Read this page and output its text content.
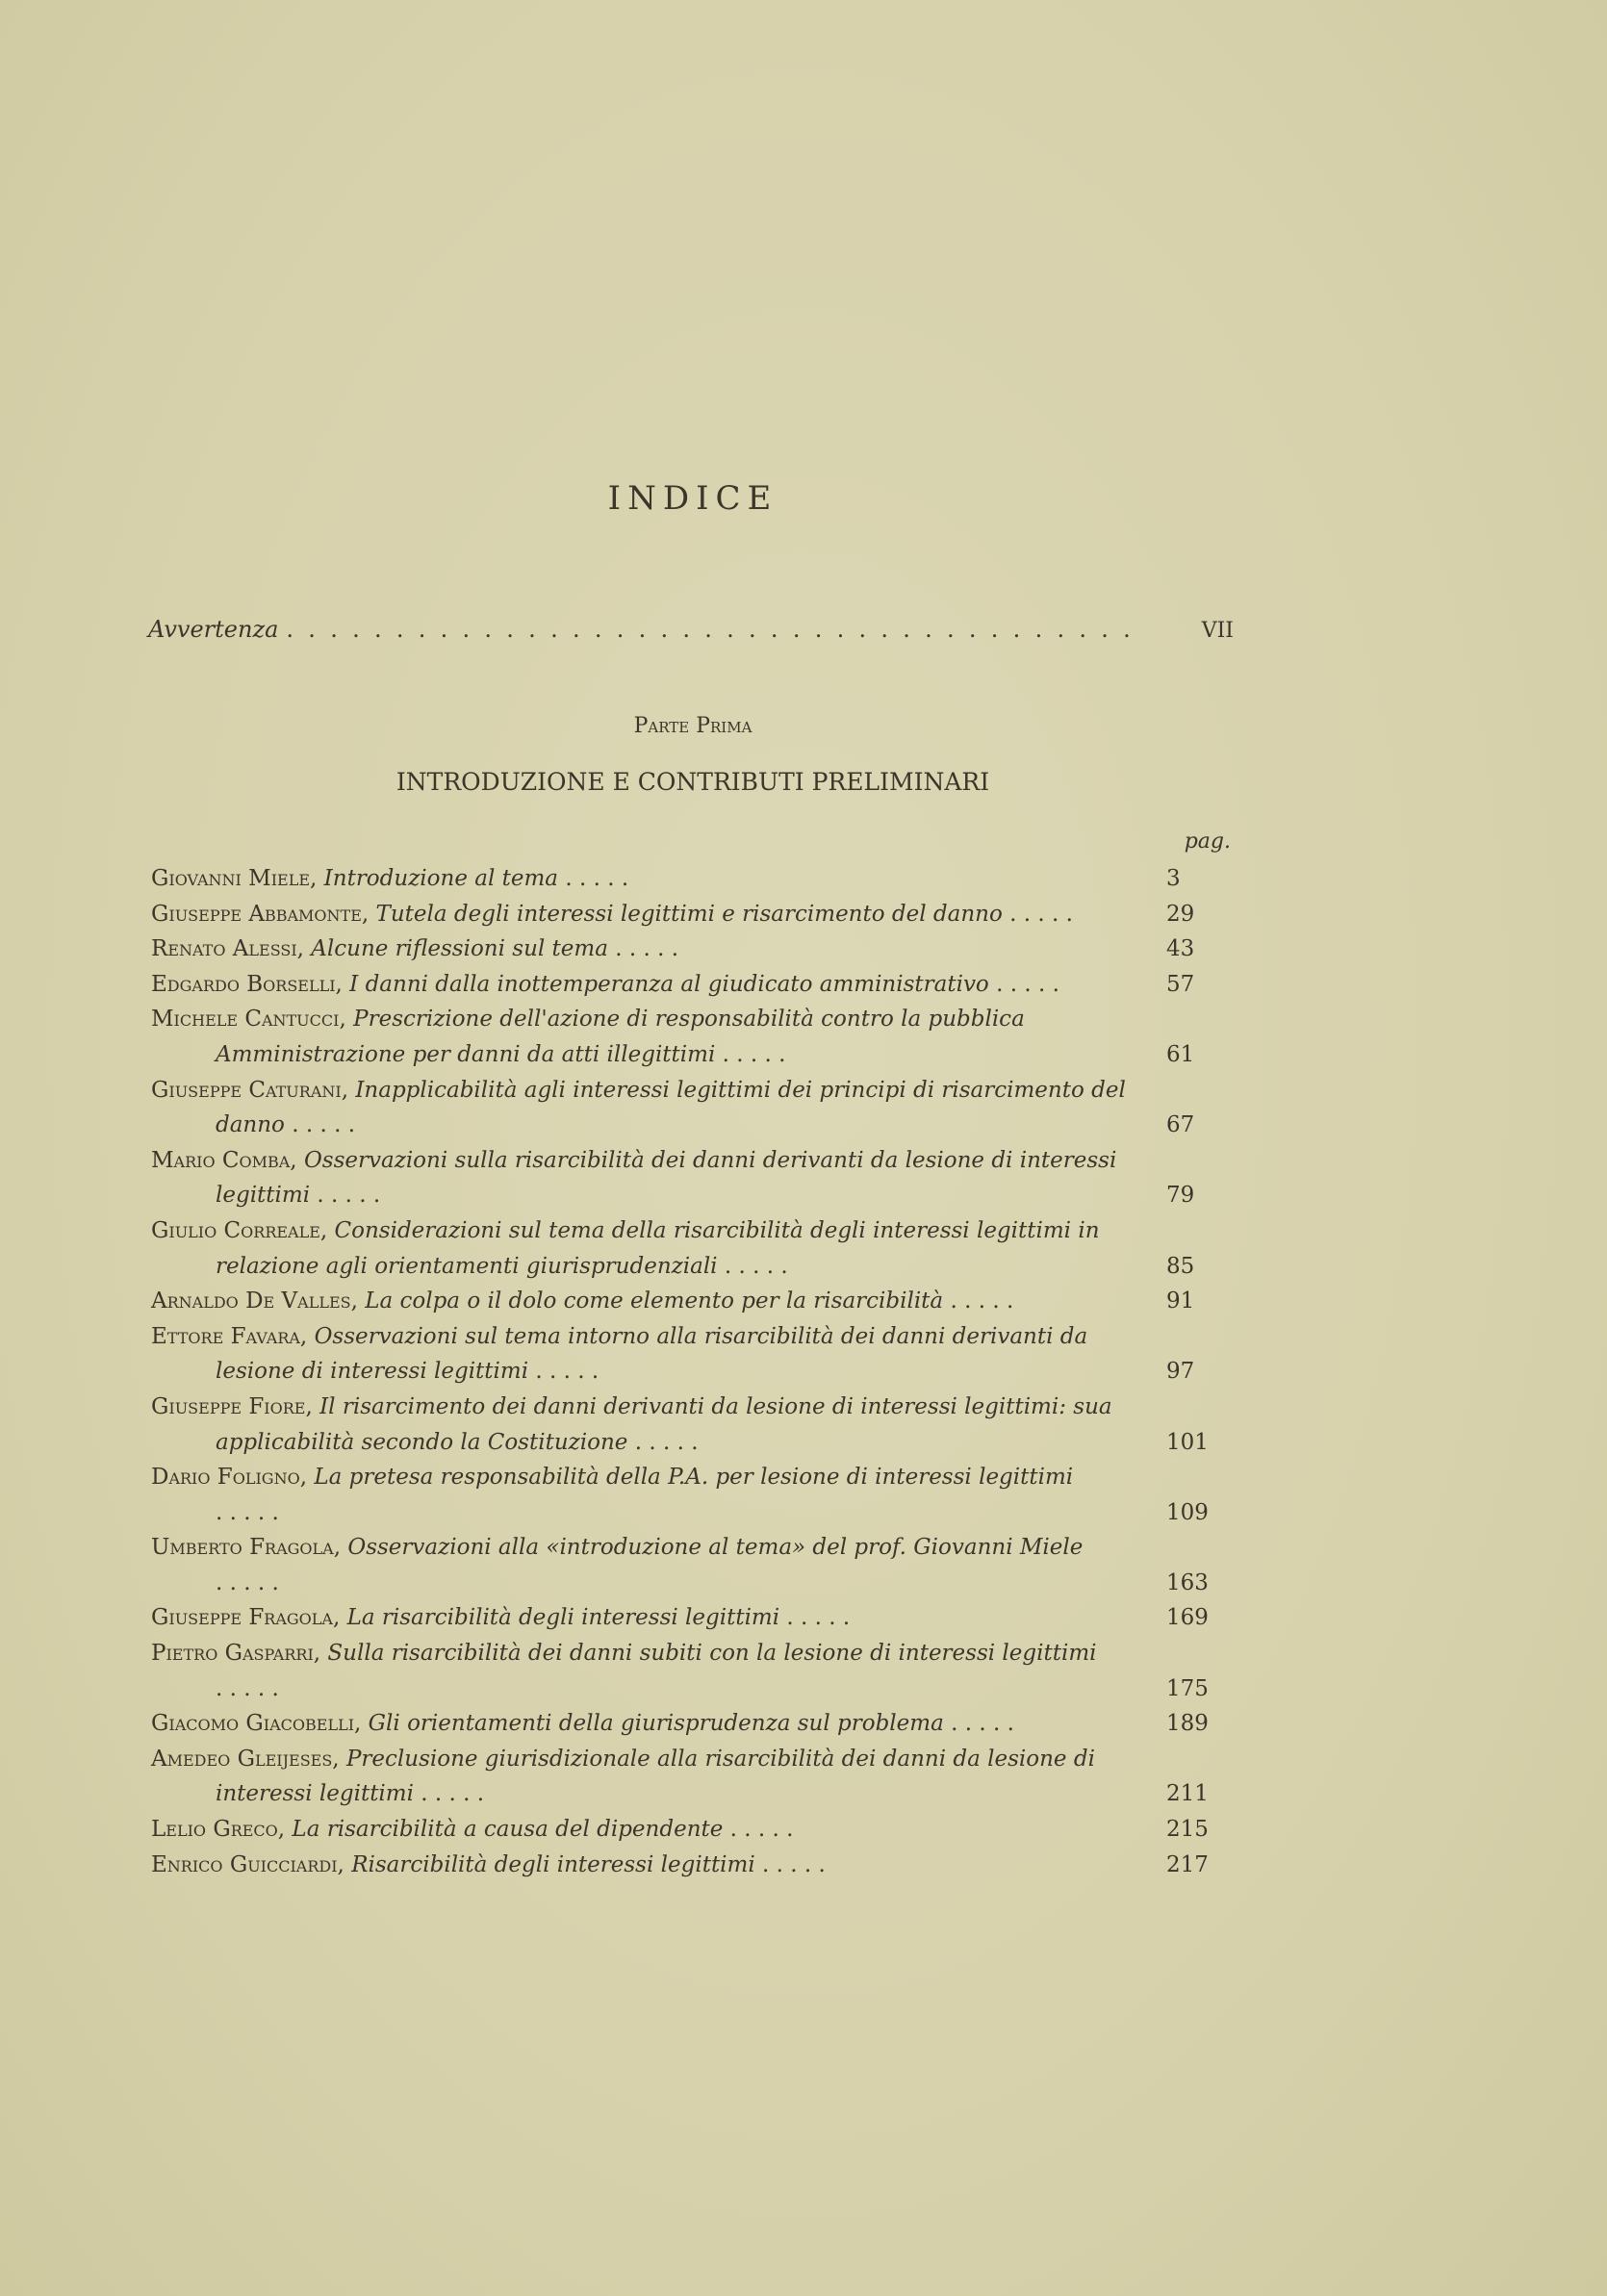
INDICE
Avvertenza . .	VII
Parte Prima
INTRODUZIONE E CONTRIBUTI PRELIMINARI
pag.
Giovanni Miele, Introduzione al tema . . . . .	3
Giuseppe Abbamonte, Tutela degli interessi legittimi e risarcimento del danno . . . . .	29
Renato Alessi, Alcune riflessioni sul tema . . . . .	43
Edgardo Borselli, I danni dalla inottemperanza al giudicato amministrativo . . . . .	57
Michele Cantucci, Prescrizione dell'azione di responsabilità contro la pubblica Amministrazione per danni da atti illegittimi . . . . .	61
Giuseppe Caturani, Inapplicabilità agli interessi legittimi dei principi di risarcimento del danno . . . . .	67
Mario Comba, Osservazioni sulla risarcibilità dei danni derivanti da lesione di interessi legittimi . . . . .	79
Giulio Correale, Considerazioni sul tema della risarcibilità degli interessi legittimi in relazione agli orientamenti giurisprudenziali . . . . .	85
Arnaldo De Valles, La colpa o il dolo come elemento per la risarcibilità . . . . .	91
Ettore Favara, Osservazioni sul tema intorno alla risarcibilità dei danni derivanti da lesione di interessi legittimi . . . . .	97
Giuseppe Fiore, Il risarcimento dei danni derivanti da lesione di interessi legittimi: sua applicabilità secondo la Costituzione . . . . .	101
Dario Foligno, La pretesa responsabilità della P.A. per lesione di interessi legittimi . . . . .	109
Umberto Fragola, Osservazioni alla «introduzione al tema» del prof. Giovanni Miele . . . . .	163
Giuseppe Fragola, La risarcibilità degli interessi legittimi . . . . .	169
Pietro Gasparri, Sulla risarcibilità dei danni subiti con la lesione di interessi legittimi . . . . .	175
Giacomo Giacobelli, Gli orientamenti della giurisprudenza sul problema . . . . .	189
Amedeo Gleijeses, Preclusione giurisdizionale alla risarcibilità dei danni da lesione di interessi legittimi . . . . .	211
Lelio Greco, La risarcibilità a causa del dipendente . . . . .	215
Enrico Guicciardi, Risarcibilità degli interessi legittimi . . . . .	217
